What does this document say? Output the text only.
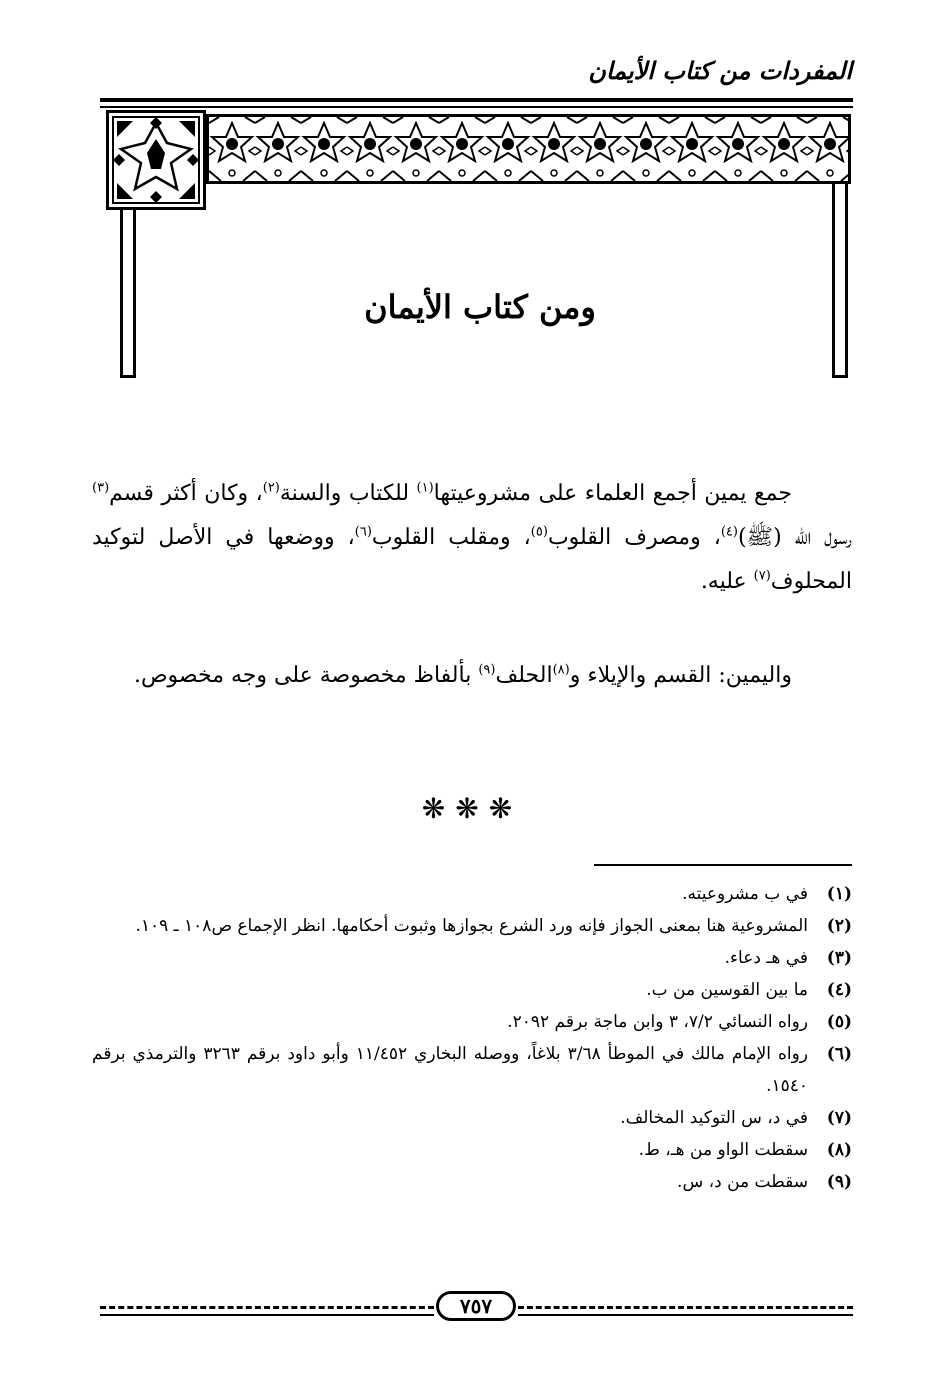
المفردات من كتاب الأيمان
ومن كتاب الأيمان
جمع يمين أجمع العلماء على مشروعيتها$^{(١)}$ للكتاب والسنة$^{(٢)}$، وكان أكثر قسم$^{(٣)}$ رسول الله (ﷺ)$^{(٤)}$، ومصرف القلوب$^{(٥)}$، ومقلب القلوب$^{(٦)}$، ووضعها في الأصل لتوكيد المحلوف$^{(٧)}$ عليه.
واليمين: القسم والإيلاء و$^{(٨)}$الحلف$^{(٩)}$ بألفاظ مخصوصة على وجه مخصوص.
❋❋❋
(١)
في ب مشروعيته.
(٢)
المشروعية هنا بمعنى الجواز فإنه ورد الشرع بجوازها وثبوت أحكامها. انظر الإجماع ص١٠٨ ـ ١٠٩.
(٣)
في هـ دعاء.
(٤)
ما بين القوسين من ب.
(٥)
رواه النسائي ٧/٢، ٣ وابن ماجة برقم ٢٠٩٢.
(٦)
رواه الإمام مالك في الموطأ ٣/٦٨ بلاغاً، ووصله البخاري ١١/٤٥٢ وأبو داود برقم ٣٢٦٣ والترمذي برقم ١٥٤٠.
(٧)
في د، س التوكيد المخالف.
(٨)
سقطت الواو من هـ، ط.
(٩)
سقطت من د، س.
٧٥٧
